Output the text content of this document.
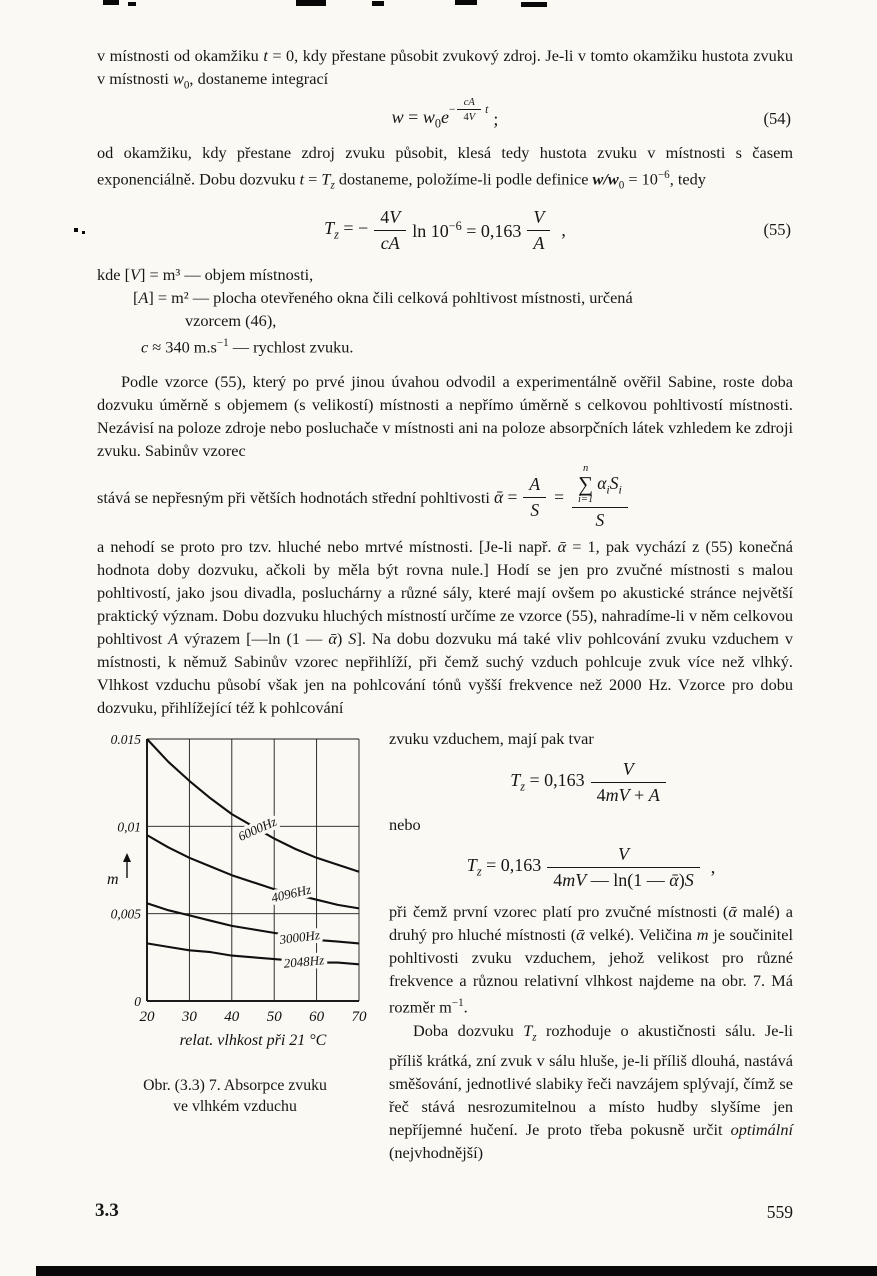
v místnosti od okamžiku t = 0, kdy přestane působit zvukový zdroj. Je-li v tomto okamžiku hustota zvuku v místnosti $w_0$, dostaneme integrací

$w = w_0e$ $^{- \frac{cA}{4V} t}$ ;	(54)

od okamžiku, kdy přestane zdroj zvuku působit, klesá tedy hustota zvuku v místnosti s časem exponenciálně. Dobu dozvuku $t = T_z$ dostaneme, položíme-li podle definice $w/w_0 = 10^{-6}$, tedy

$T_z$ = − $\frac{4 V}{cA}$ $\ln 10^{-6} = 0,163 \frac{V}{A}$ ,	(55)
kde [V] = m³ — objem místnosti,
[A] = m² — plocha otevřeného okna čili celková pohltivost místnosti, určená
vzorcem (46),
c ≈ 340 $m.s^{-1}$ — rychlost zvuku.

Podle vzorce (55), který po prvé jinou úvahou odvodil a experimentálně ověřil Sabine, roste doba dozvuku úměrně s objemem (s velikostí) místnosti a nepřímo úměrně s celkovou pohltivostí místnosti. Nezávisí na poloze zdroje nebo posluchače v místnosti ani na poloze absorpčních látek vzhledem ke zdroji zvuku. Sabinův vzorec

stává se nepřesným při větších hodnotách střední pohltivosti ᾱ = $\frac{A}{S} = n$
∑
i=1
$\alpha_iS_i$
S

a nehodí se proto pro tzv. hluché nebo mrtvé místnosti. [Je-li např. ᾱ = 1, pak vychází z (55) konečná hodnota doby dozvuku, ačkoli by měla být rovna nule.] Hodí se jen pro zvučné místnosti s malou pohltivostí, jako jsou divadla, posluchárny a různé sály, které mají ovšem po akustické stránce největší praktický význam. Dobu dozvuku hluchých místností určíme ze vzorce (55), nahradíme-li v něm celkovou pohltivost A výrazem [—ln (1 — ᾱ) S]. Na dobu dozvuku má také vliv pohlcování zvuku vzduchem v místnosti, k němuž Sabinův vzorec nepřihlíží, při čemž suchý vzduch pohlcuje zvuk více než vlhký. Vlhkost vzduchu působí však jen na pohlcování tónů vyšší frekvence než 2000 Hz. Vzorce pro dobu dozvuku, přihlížející též k pohlcování

6000Hz
4096Hz
3000Hz
2048Hz
20 30 40 50 60 70
0
0,005
0,01
0.015
relat. vlhkost při 21 °C
m
Obr. (3.3) 7. Absorpce zvuku
ve vlhkém vzduchu

zvuku vzduchem, mají pak tvar

$T_z = 0,163 \frac{V}{4mV + A}$
nebo
$T_z = 0,163 \frac{V}{\text{4mV — ln(1 — ᾱ)S}}$ ,

při čemž první vzorec platí pro zvučné místnosti (ᾱ malé) a druhý pro hluché místnosti (ᾱ velké). Veličina m je součinitel pohltivosti zvuku vzduchem, jehož velikost pro různé frekvence a různou relativní vlhkost najdeme na obr. 7. Má rozměr $m^{-1}$.

Doba dozvuku $T_z$ rozhoduje o akustičnosti sálu. Je-li příliš krátká, zní zvuk v sálu hluše, je-li příliš dlouhá, nastává směšování, jednotlivé slabiky řeči navzájem splývají, čímž se řeč stává nesrozumitelnou a místo hudby slyšíme jen nepříjemné hučení. Je proto třeba pokusně určit optimální (nejvhodnější)

3.3	559
